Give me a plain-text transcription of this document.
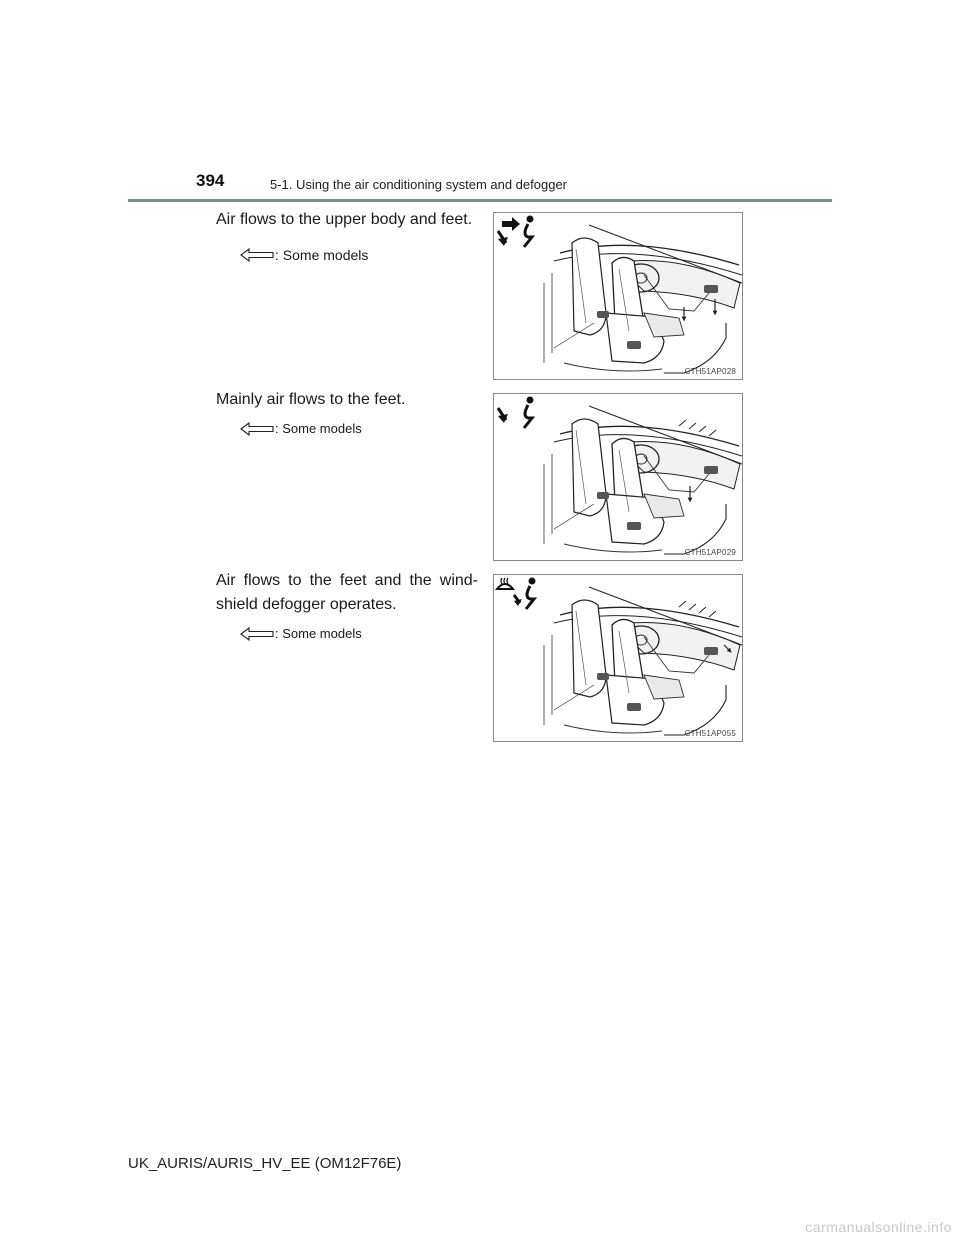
394	5-1. Using the air conditioning system and defogger

Air flows to the upper body and feet.

: Some models
CTH51AP028

Mainly air flows to the feet.

: Some models
CTH51AP029

Air flows to the feet and the wind-shield defogger operates.

: Some models
CTH51AP055
UK_AURIS/AURIS_HV_EE (OM12F76E)
carmanualsonline.info
